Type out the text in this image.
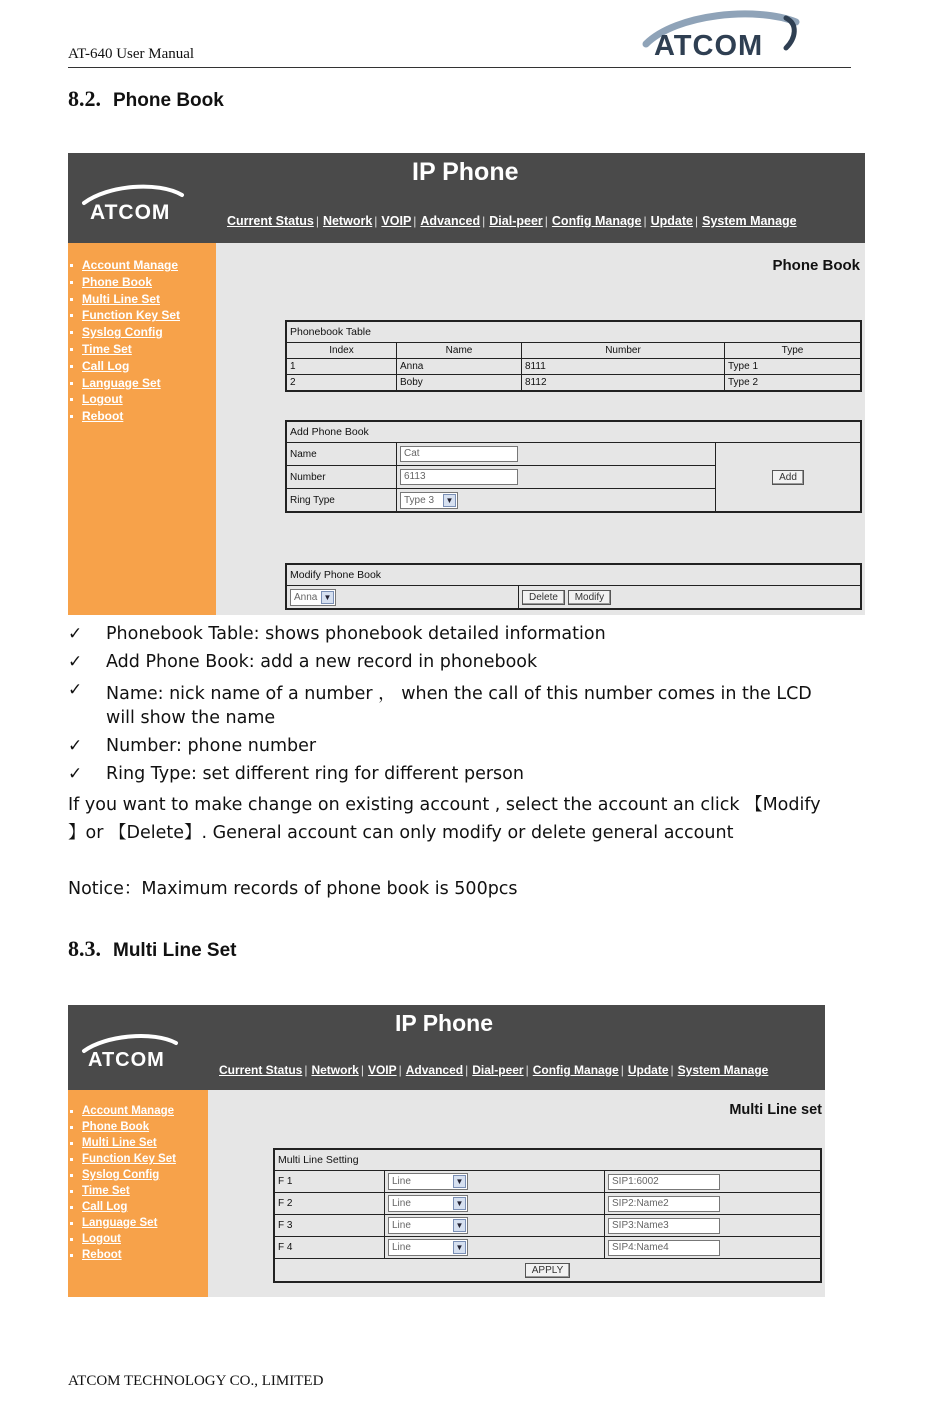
AT-640 User Manual	ATCOM
8.2. Phone Book
IP Phone
ATCOM	Current Status | Network | VOIP | Advanced | Dial-peer | Config Manage | Update | System Manage
Account Manage
Phone Book
Multi Line Set
Function Key Set
Syslog Config
Time Set
Call Log
Language Set
Logout
Reboot
Phone Book
Phonebook Table			
Index	Name	Number	Type
1	Anna	8111	Type 1
2	Boby	8112	Type 2
Add Phone Book		
Name	Cat	Add
Number	6113	
Ring Type	Type 3 ▼	
Modify Phone Book
Anna ▼	Delete Modify
✓ Phonebook Table: shows phonebook detailed information
✓ Add Phone Book: add a new record in phonebook
✓ Name: nick name of a number ， when the call of this number comes in the LCD
will show the name
✓ Number: phone number
✓ Ring Type: set different ring for different person
If you want to make change on existing account , select the account an click 【Modify
】or 【Delete】. General account can only modify or delete general account
Notice：Maximum records of phone book is 500pcs
8.3. Multi Line Set
IP Phone
ATCOM	Current Status | Network | VOIP | Advanced | Dial-peer | Config Manage | Update | System Manage
Account Manage
Phone Book
Multi Line Set
Function Key Set
Syslog Config
Time Set
Call Log
Language Set
Logout
Reboot
Multi Line set
Multi Line Setting		
F 1	Line ▼	SIP1:6002
F 2	Line ▼	SIP2:Name2
F 3	Line ▼	SIP3:Name3
F 4	Line ▼	SIP4:Name4
APPLY		
ATCOM TECHNOLOGY CO., LIMITED
